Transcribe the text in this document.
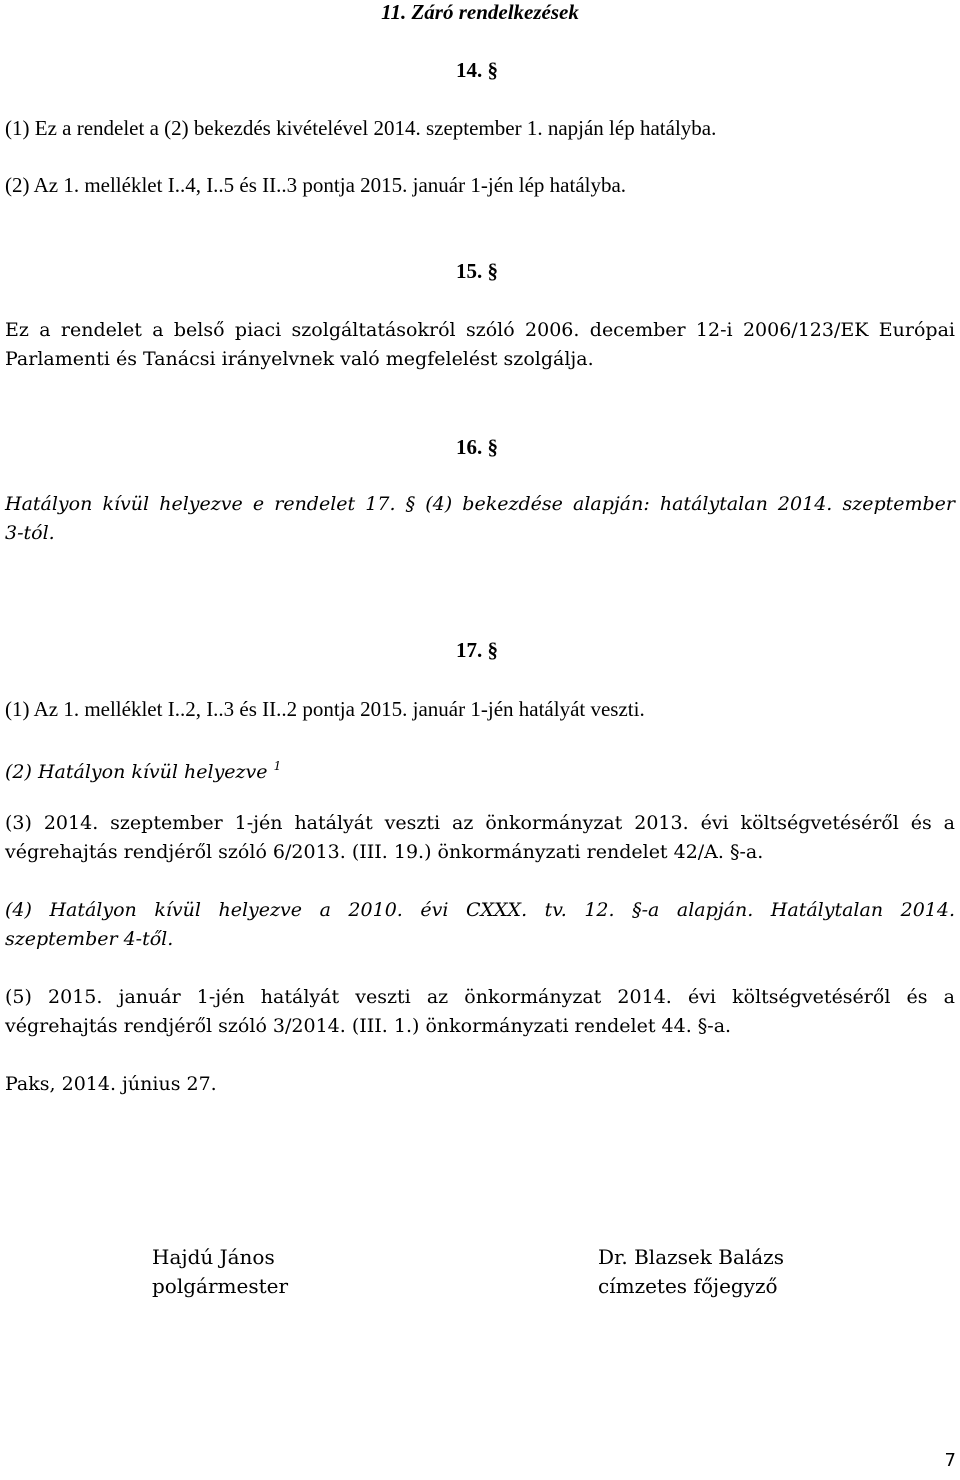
11. Záró rendelkezések
14. §
(1) Ez a rendelet a (2) bekezdés kivételével 2014. szeptember 1. napján lép hatályba.
(2) Az 1. melléklet I..4, I..5 és II..3 pontja 2015. január 1-jén lép hatályba.
15. §
Ez a rendelet a belső piaci szolgáltatásokról szóló 2006. december 12-i 2006/123/EK Európai
Parlamenti és Tanácsi irányelvnek való megfelelést szolgálja.
16. §
Hatályon kívül helyezve e rendelet 17. § (4) bekezdése alapján: hatálytalan 2014. szeptember
3-tól.
17. §
(1) Az 1. melléklet I..2, I..3 és II..2 pontja 2015. január 1-jén hatályát veszti.
(2) Hatályon kívül helyezve $^1$
(3) 2014. szeptember 1-jén hatályát veszti az önkormányzat 2013. évi költségvetéséről és a
végrehajtás rendjéről szóló 6/2013. (III. 19.) önkormányzati rendelet 42/A. §-a.
(4) Hatályon kívül helyezve a 2010. évi CXXX. tv. 12. §-a alapján. Hatálytalan 2014.
szeptember 4-től.
(5) 2015. január 1-jén hatályát veszti az önkormányzat 2014. évi költségvetéséről és a
végrehajtás rendjéről szóló 3/2014. (III. 1.) önkormányzati rendelet 44. §-a.
Paks, 2014. június 27.
Hajdú János
polgármester
Dr. Blazsek Balázs
címzetes főjegyző
7
